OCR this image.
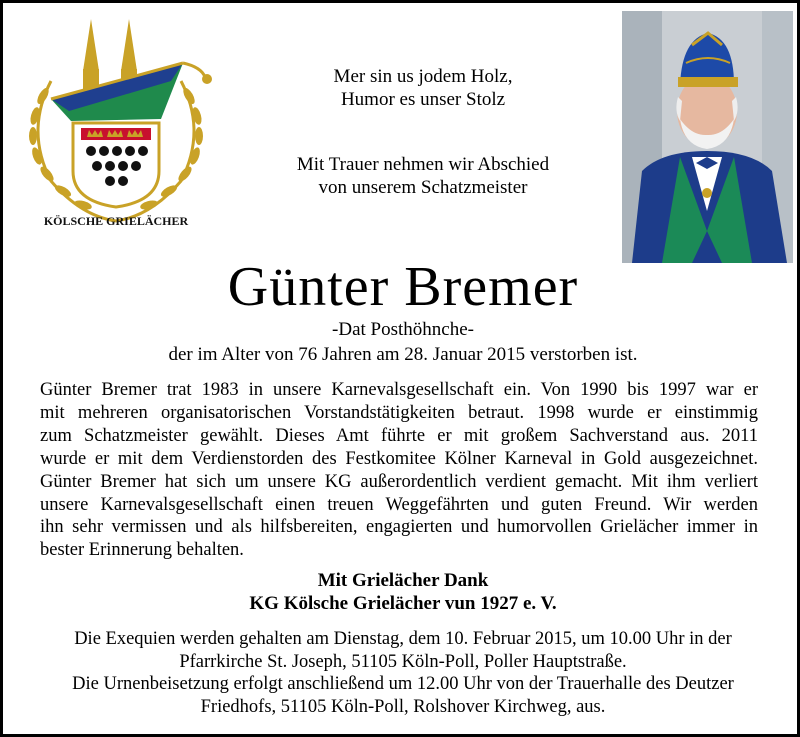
KÖLSCHE GRIELÄCHER

Mer sin us jodem Holz,

Humor es unser Stolz

Mit Trauer nehmen wir Abschied

von unserem Schatzmeister

Günter Bremer
-Dat Posthöhnche-
der im Alter von 76 Jahren am 28. Januar 2015 verstorben ist.
Günter Bremer trat 1983 in unsere Karnevalsgesellschaft ein. Von 1990 bis 1997 war er
mit mehreren organisatorischen Vorstandstätigkeiten betraut. 1998 wurde er einstimmig
zum Schatzmeister gewählt. Dieses Amt führte er mit großem Sachverstand aus. 2011
wurde er mit dem Verdienstorden des Festkomitee Kölner Karneval in Gold ausgezeichnet.
Günter Bremer hat sich um unsere KG außerordentlich verdient gemacht. Mit ihm verliert
unsere Karnevalsgesellschaft einen treuen Weggefährten und guten Freund. Wir werden
ihn sehr vermissen und als hilfsbereiten, engagierten und humorvollen Grielächer immer in
bester Erinnerung behalten.

Mit Grielächer Dank

KG Kölsche Grielächer vun 1927 e. V.

Die Exequien werden gehalten am Dienstag, dem 10. Februar 2015, um 10.00 Uhr in der

Pfarrkirche St. Joseph, 51105 Köln-Poll, Poller Hauptstraße.

Die Urnenbeisetzung erfolgt anschließend um 12.00 Uhr von der Trauerhalle des Deutzer

Friedhofs, 51105 Köln-Poll, Rolshover Kirchweg, aus.
